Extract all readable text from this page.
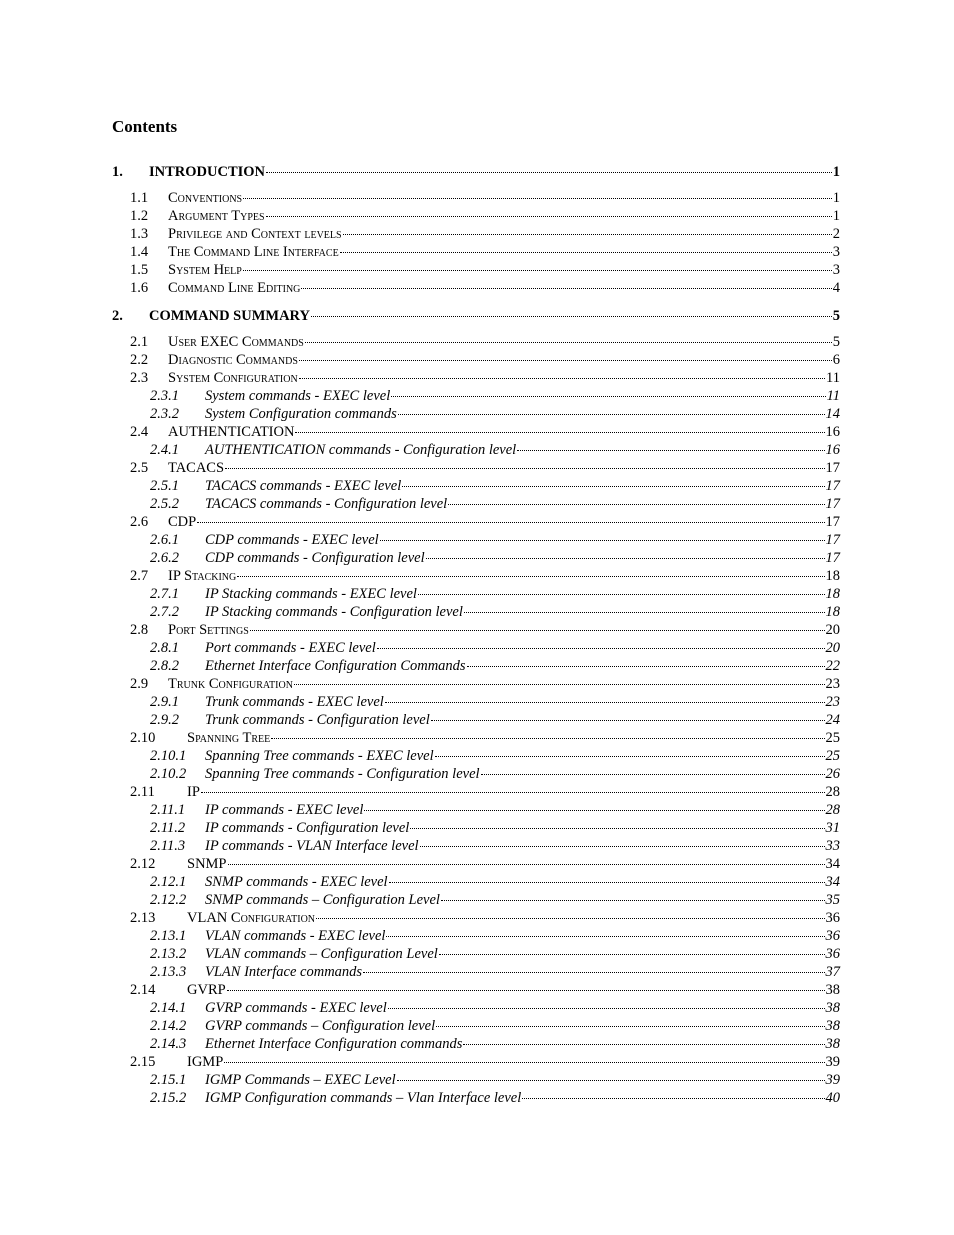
Contents
1.	INTRODUCTION	1
1.1	Conventions	1
1.2	Argument Types	1
1.3	Privilege and Context levels	2
1.4	The Command Line Interface	3
1.5	System Help	3
1.6	Command Line Editing	4
2.	COMMAND SUMMARY	5
2.1	User EXEC Commands	5
2.2	Diagnostic Commands	6
2.3	System Configuration	11
2.3.1	System commands - EXEC level	11
2.3.2	System Configuration commands	14
2.4	AUTHENTICATION	16
2.4.1	AUTHENTICATION commands - Configuration level	16
2.5	TACACS	17
2.5.1	TACACS commands - EXEC level	17
2.5.2	TACACS commands - Configuration level	17
2.6	CDP	17
2.6.1	CDP commands - EXEC level	17
2.6.2	CDP commands - Configuration level	17
2.7	IP Stacking	18
2.7.1	IP Stacking commands - EXEC level	18
2.7.2	IP Stacking commands - Configuration level	18
2.8	Port Settings	20
2.8.1	Port commands - EXEC level	20
2.8.2	Ethernet Interface Configuration Commands	22
2.9	Trunk Configuration	23
2.9.1	Trunk commands - EXEC level	23
2.9.2	Trunk commands - Configuration level	24
2.10	Spanning Tree	25
2.10.1	Spanning Tree commands - EXEC level	25
2.10.2	Spanning Tree commands - Configuration level	26
2.11	IP	28
2.11.1	IP commands - EXEC level	28
2.11.2	IP commands - Configuration level	31
2.11.3	IP commands - VLAN Interface level	33
2.12	SNMP	34
2.12.1	SNMP commands - EXEC level	34
2.12.2	SNMP commands – Configuration Level	35
2.13	VLAN Configuration	36
2.13.1	VLAN commands - EXEC level	36
2.13.2	VLAN commands – Configuration Level	36
2.13.3	VLAN Interface commands	37
2.14	GVRP	38
2.14.1	GVRP commands - EXEC level	38
2.14.2	GVRP commands – Configuration level	38
2.14.3	Ethernet Interface Configuration commands	38
2.15	IGMP	39
2.15.1	IGMP Commands – EXEC Level	39
2.15.2	IGMP Configuration commands – Vlan Interface level	40
